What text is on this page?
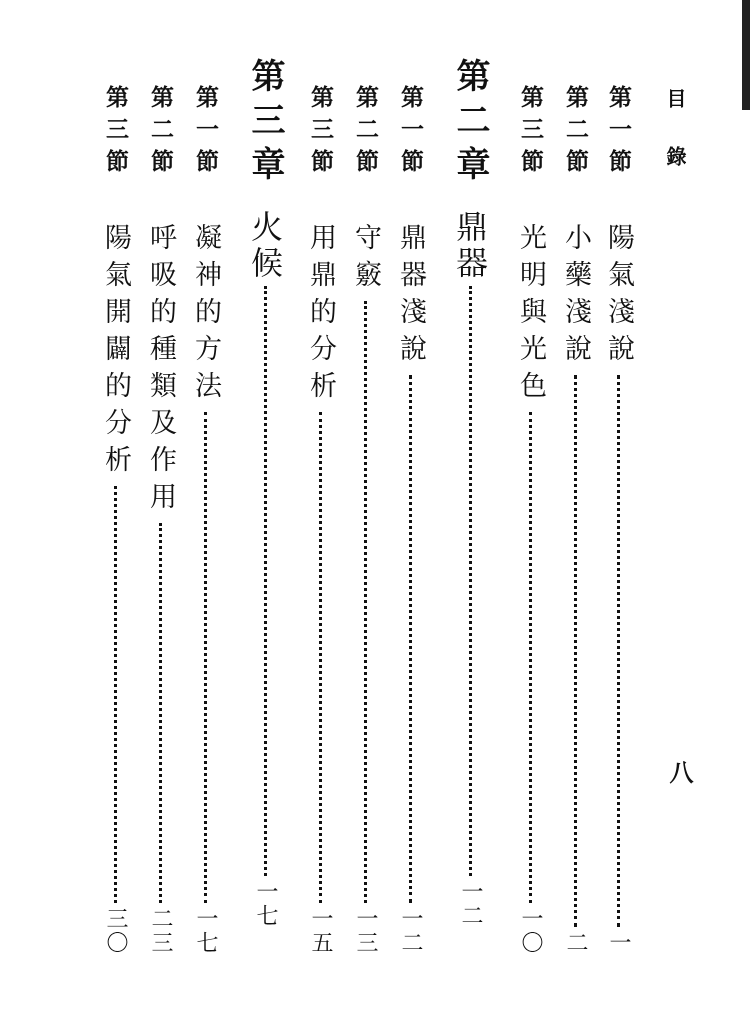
目錄
八
第一節
陽氣淺說
一
第二節
小藥淺說
二
第三節
光明與光色
一〇
第二章
鼎器
一二
第一節
鼎器淺說
一二
第二節
守竅
一三
第三節
用鼎的分析
一五
第三章
火候
一七
第一節
凝神的方法
一七
第二節
呼吸的種類及作用
二三
第三節
陽氣開闢的分析
三〇
